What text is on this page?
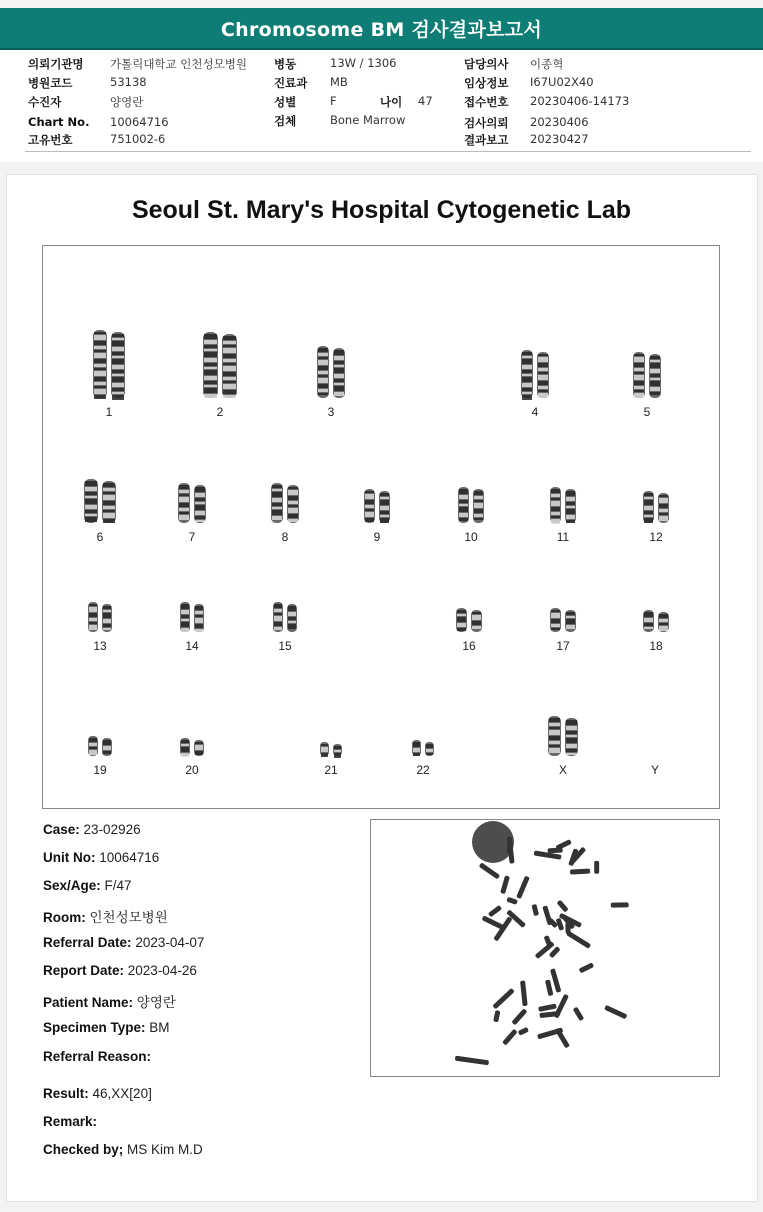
Chromosome BM 검사결과보고서
의뢰기관명 가톨릭대학교 인천성모병원
병원코드	53138
수진자	양영란
Chart No. 10064716
고유번호	751002-6
병동	13W / 1306
진료과 MB
성별	F	나이 47
검체	Bone Marrow
담당의사 이종혁
임상정보 I67U02X40
접수번호 20230406-14173
검사의뢰 20230406
결과보고 20230427
Seoul St. Mary's Hospital Cytogenetic Lab
1	2	3	4	5
6	7	8	9	10	11	12
13	14	15	16	17	18
19	20	21	22	X	Y
Case: 23-02926
Unit No: 10064716
Sex/Age: F/47
Room: 인천성모병원
Referral Date: 2023-04-07
Report Date: 2023-04-26
Patient Name: 양영란
Specimen Type: BM
Referral Reason:
Result: 46,XX[20]
Remark:
Checked by; MS Kim M.D
